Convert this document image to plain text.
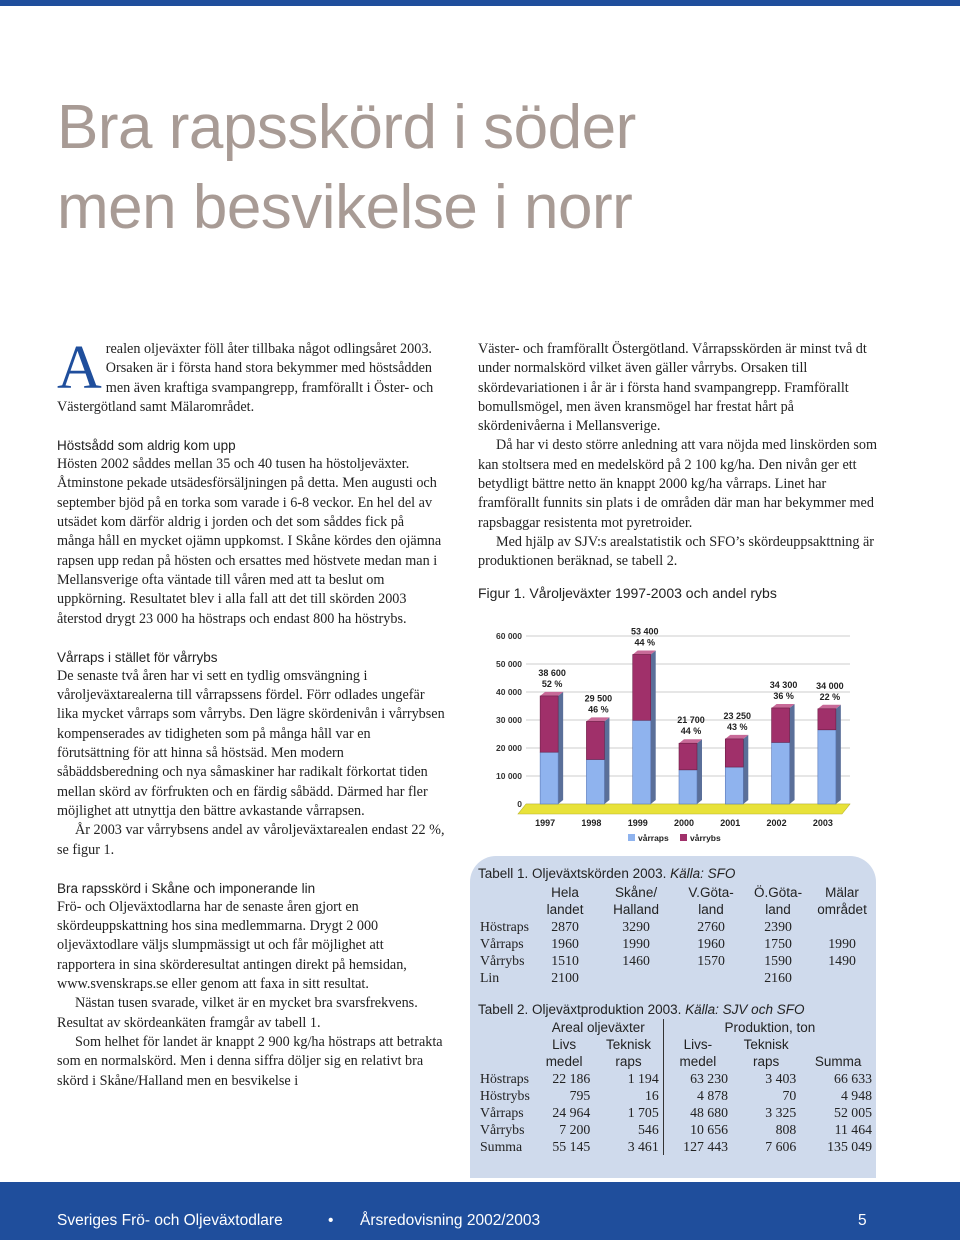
Bra rapsskörd i söder
men besvikelse i norr

Arealen oljeväxter föll åter tillbaka något odlingsåret 2003. Orsaken är i första hand stora bekymmer med höstsådden men även kraftiga svampangrepp, framförallt i Öster- och Västergötland samt Mälarområdet.

Höstsådd som aldrig kom upp

Hösten 2002 såddes mellan 35 och 40 tusen ha höstoljeväxter. Åtminstone pekade utsädesförsäljningen på detta. Men augusti och september bjöd på en torka som varade i 6-8 veckor. En hel del av utsädet kom därför aldrig i jorden och det som såddes fick på många håll en mycket ojämn uppkomst. I Skåne kördes den ojämna rapsen upp redan på hösten och ersattes med höstvete medan man i Mellansverige ofta väntade till våren med att ta beslut om uppkörning. Resultatet blev i alla fall att det till skörden 2003 återstod drygt 23 000 ha höstraps och endast 800 ha höstrybs.

Vårraps i stället för vårrybs

De senaste två åren har vi sett en tydlig omsvängning i våroljeväxtarealerna till vårrapssens fördel. Förr odlades ungefär lika mycket vårraps som vårrybs. Den lägre skördenivån i vårrybsen kompenserades av tidigheten som på många håll var en förutsättning för att hinna så höstsäd. Men modern såbäddsberedning och nya såmaskiner har radikalt förkortat tiden mellan skörd av förfrukten och en färdig såbädd. Därmed har fler möjlighet att utnyttja den bättre avkastande vårrapsen.

År 2003 var vårrybsens andel av våroljeväxtarealen endast 22 %, se figur 1.

Bra rapsskörd i Skåne och imponerande lin

Frö- och Oljeväxtodlarna har de senaste åren gjort en skördeuppskattning hos sina medlemmarna. Drygt 2 000 oljeväxtodlare väljs slumpmässigt ut och får möjlighet att rapportera in sina skörderesultat antingen direkt på hemsidan, www.svenskraps.se eller genom att faxa in sitt resultat.

Nästan tusen svarade, vilket är en mycket bra svarsfrekvens. Resultat av skördeankäten framgår av tabell 1.

Som helhet för landet är knappt 2 900 kg/ha höstraps att betrakta som en normalskörd. Men i denna siffra döljer sig en relativt bra skörd i Skåne/Halland men en besvikelse i

Väster- och framförallt Östergötland. Vårrapsskörden är minst två dt under normalskörd vilket även gäller vårrybs. Orsaken till skördevariationen i år är i första hand svampangrepp. Framförallt bomullsmögel, men även kransmögel har frestat hårt på skördenivåerna i Mellansverige.

Då har vi desto större anledning att vara nöjda med linskörden som kan stoltsera med en medelskörd på 2 100 kg/ha. Den nivån ger ett betydligt bättre netto än knappt 2000 kg/ha vårraps. Linet har framförallt funnits sin plats i de områden där man har bekymmer med rapsbaggar resistenta mot pyretroider.

Med hjälp av SJV:s arealstatistik och SFO’s skördeuppsakttning är produktionen beräknad, se tabell 2.

Figur 1. Våroljeväxter 1997-2003 och andel rybs

0
10 000
20 000
30 000
40 000
50 000
60 000
38 600
52 %
1997
29 500
46 %
1998
53 400
44 %
1999
21 700
44 %
2000
23 250
43 %
2001
34 300
36 %
2002
34 000
22 %
2003
vårraps	vårrybs
Tabell 1. Oljeväxtskörden 2003. Källa: SFO
	Hela	Skåne/	V.Göta-	Ö.Göta-	Mälar
	landet	Halland	land	land	området
Höstraps	2870	3290	2760	2390	
Vårraps	1960	1990	1960	1750	1990
Vårrybs	1510	1460	1570	1590	1490
Lin	2100			2160	
Tabell 2. Oljeväxtproduktion 2003. Källa: SJV och SFO
	Areal oljeväxter		Produktion, ton		
	Livs	Teknisk	Livs-	Teknisk	
	medel	raps	medel	raps	Summa
Höstraps	22 186	1 194	63 230	3 403	66 633
Höstrybs	795	16	4 878	70	4 948
Vårraps	24 964	1 705	48 680	3 325	52 005
Vårrybs	7 200	546	10 656	808	11 464
Summa	55 145	3 461	127 443	7 606	135 049
Sveriges Frö- och Oljeväxtodlare	• Årsredovisning 2002/2003	5
